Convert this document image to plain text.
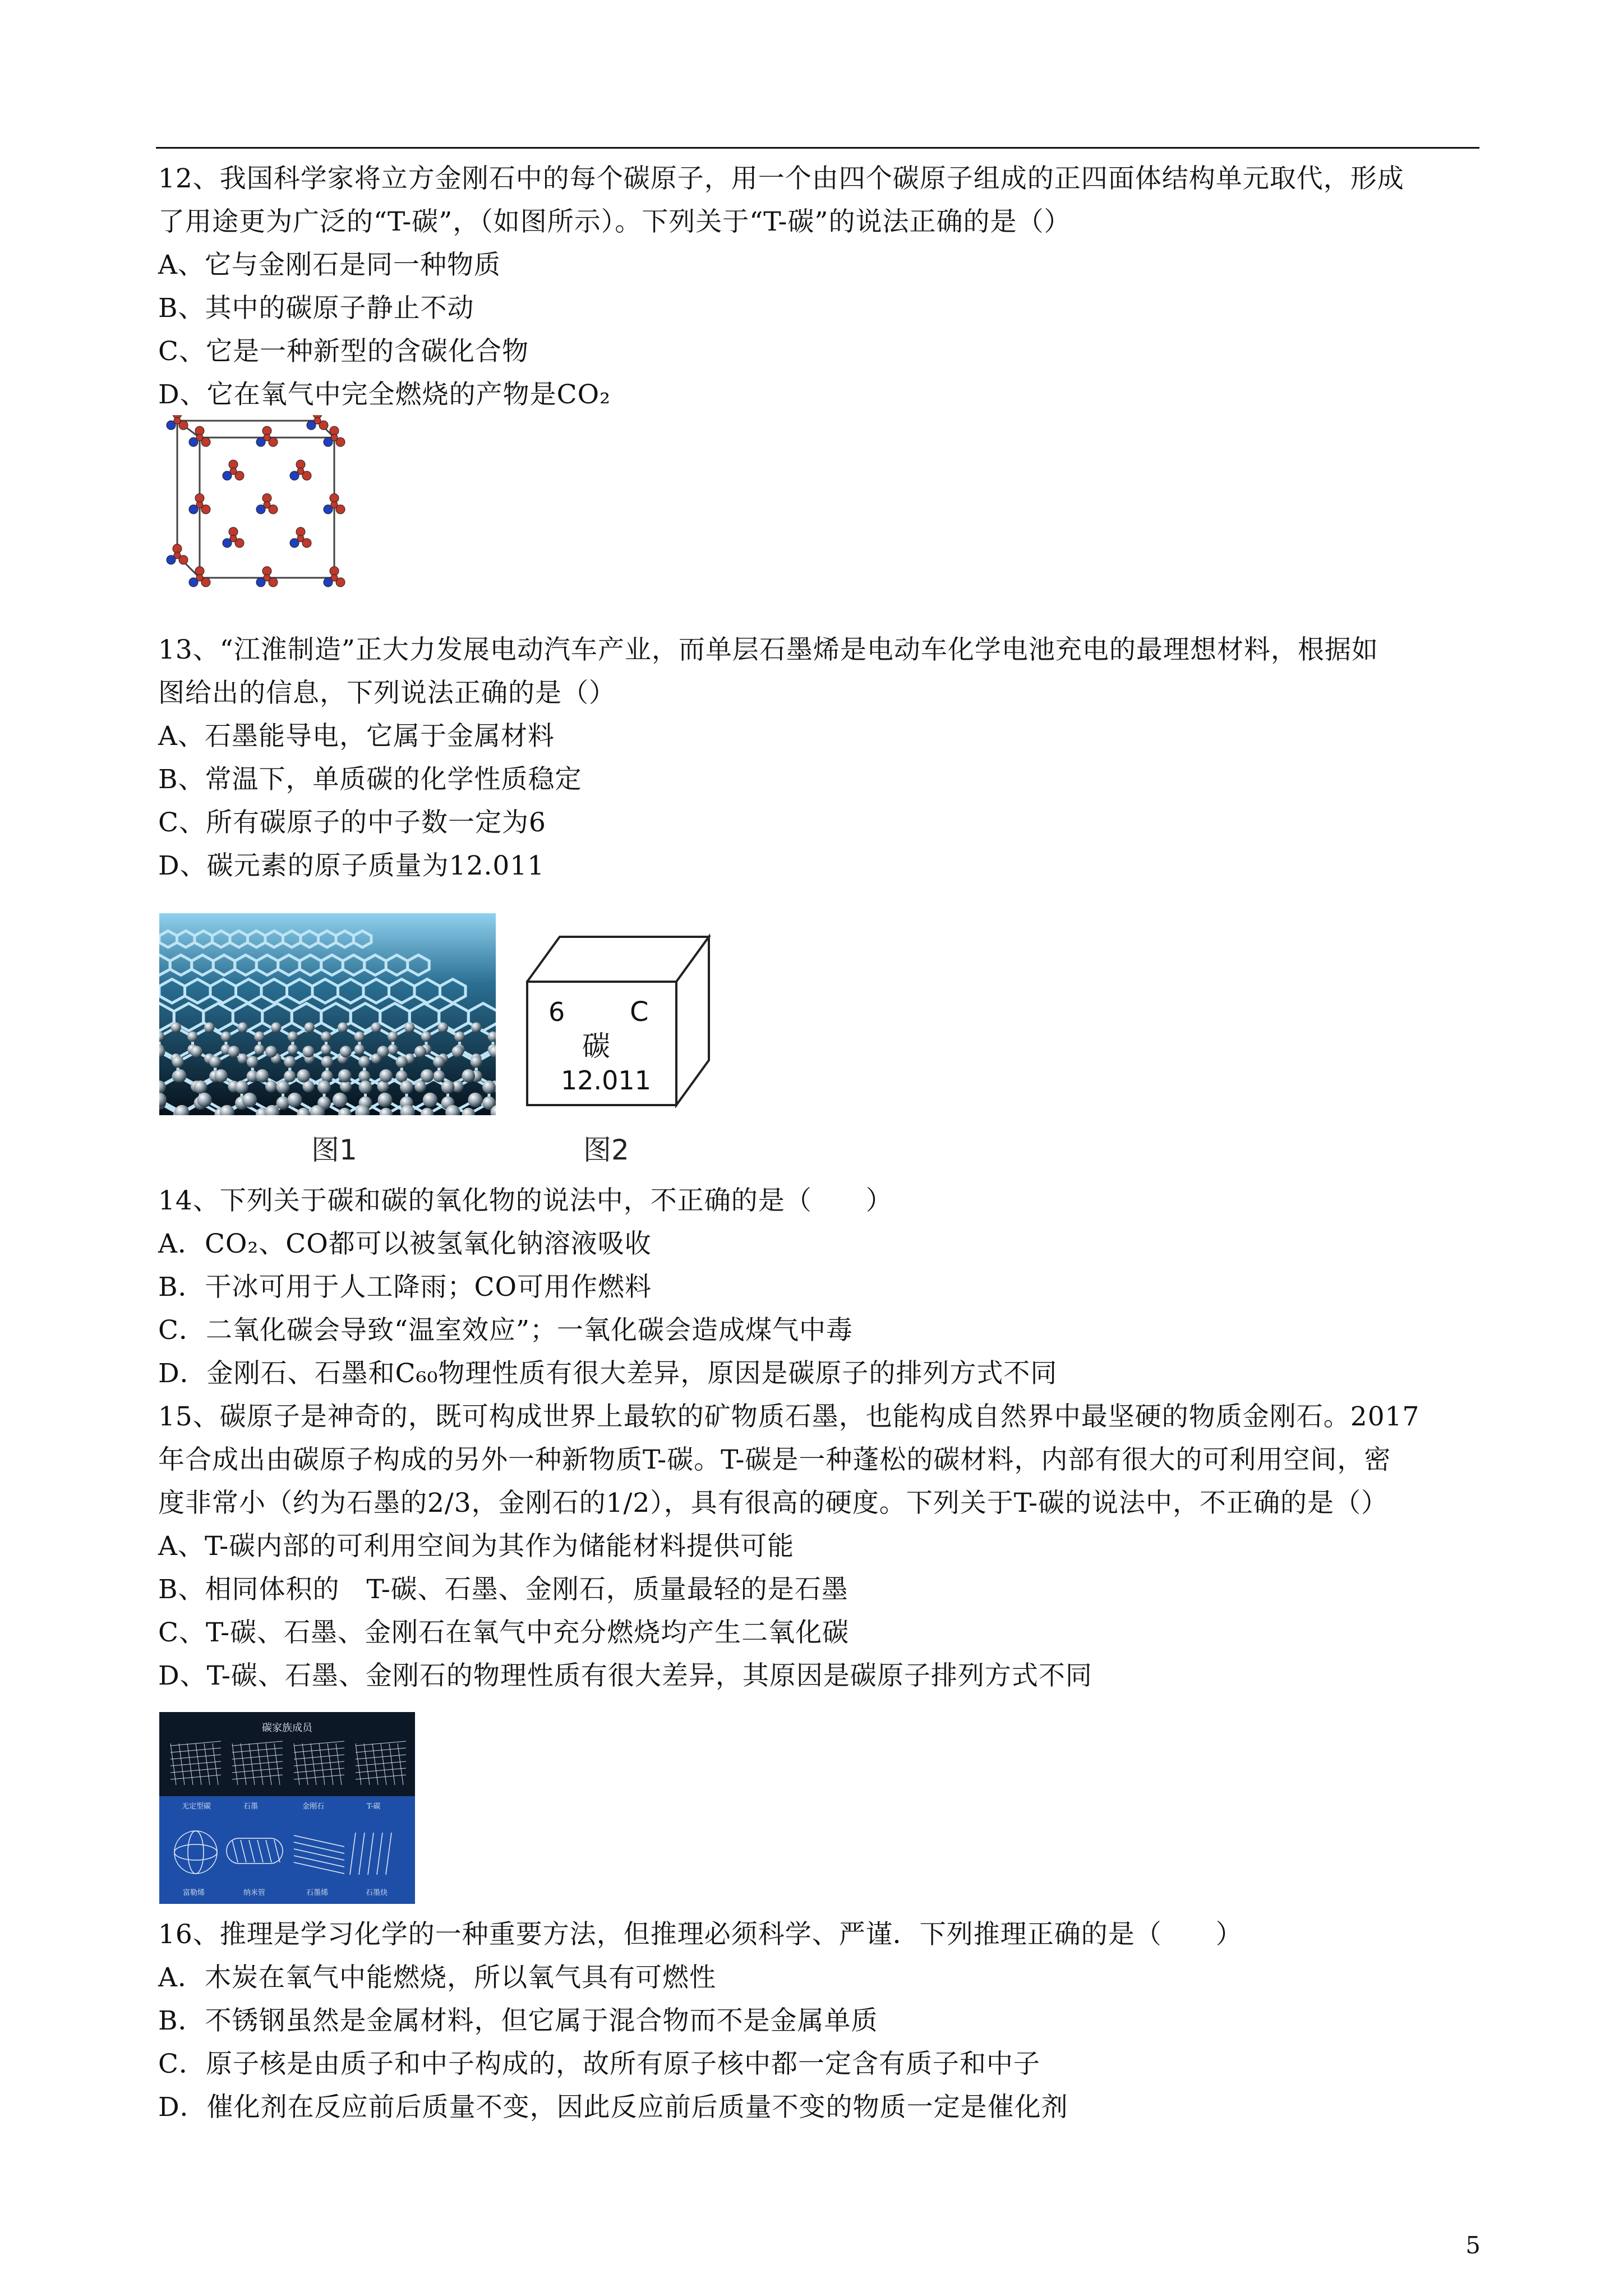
12、我国科学家将立方金刚石中的每个碳原子，用一个由四个碳原子组成的正四面体结构单元取代，形成
了用途更为广泛的“T-碳”，（如图所示）。下列关于“T-碳”的说法正确的是（）
A、它与金刚石是同一种物质
B、其中的碳原子静止不动
C、它是一种新型的含碳化合物
D、它在氧气中完全燃烧的产物是CO₂
13、“江淮制造”正大力发展电动汽车产业，而单层石墨烯是电动车化学电池充电的最理想材料，根据如
图给出的信息，下列说法正确的是（）
A、石墨能导电，它属于金属材料
B、常温下，单质碳的化学性质稳定
C、所有碳原子的中子数一定为6
D、碳元素的原子质量为12.011
图1
6 C
碳
12.011
图2
14、下列关于碳和碳的氧化物的说法中，不正确的是（　　）
A．CO₂、CO都可以被氢氧化钠溶液吸收
B．干冰可用于人工降雨；CO可用作燃料
C．二氧化碳会导致“温室效应”；一氧化碳会造成煤气中毒
D．金刚石、石墨和C₆₀物理性质有很大差异，原因是碳原子的排列方式不同
15、碳原子是神奇的，既可构成世界上最软的矿物质石墨，也能构成自然界中最坚硬的物质金刚石。2017
年合成出由碳原子构成的另外一种新物质T-碳。T-碳是一种蓬松的碳材料，内部有很大的可利用空间，密
度非常小（约为石墨的2/3，金刚石的1/2），具有很高的硬度。下列关于T-碳的说法中，不正确的是（）
A、T-碳内部的可利用空间为其作为储能材料提供可能
B、相同体积的　T-碳、石墨、金刚石，质量最轻的是石墨
C、T-碳、石墨、金刚石在氧气中充分燃烧均产生二氧化碳
D、T-碳、石墨、金刚石的物理性质有很大差异，其原因是碳原子排列方式不同
碳家族成员
无定型碳	石墨	金刚石	T-碳
富勒烯	纳米管	石墨烯	石墨炔
16、推理是学习化学的一种重要方法，但推理必须科学、严谨．下列推理正确的是（　　）
A．木炭在氧气中能燃烧，所以氧气具有可燃性
B．不锈钢虽然是金属材料，但它属于混合物而不是金属单质
C．原子核是由质子和中子构成的，故所有原子核中都一定含有质子和中子
D．催化剂在反应前后质量不变，因此反应前后质量不变的物质一定是催化剂
5
